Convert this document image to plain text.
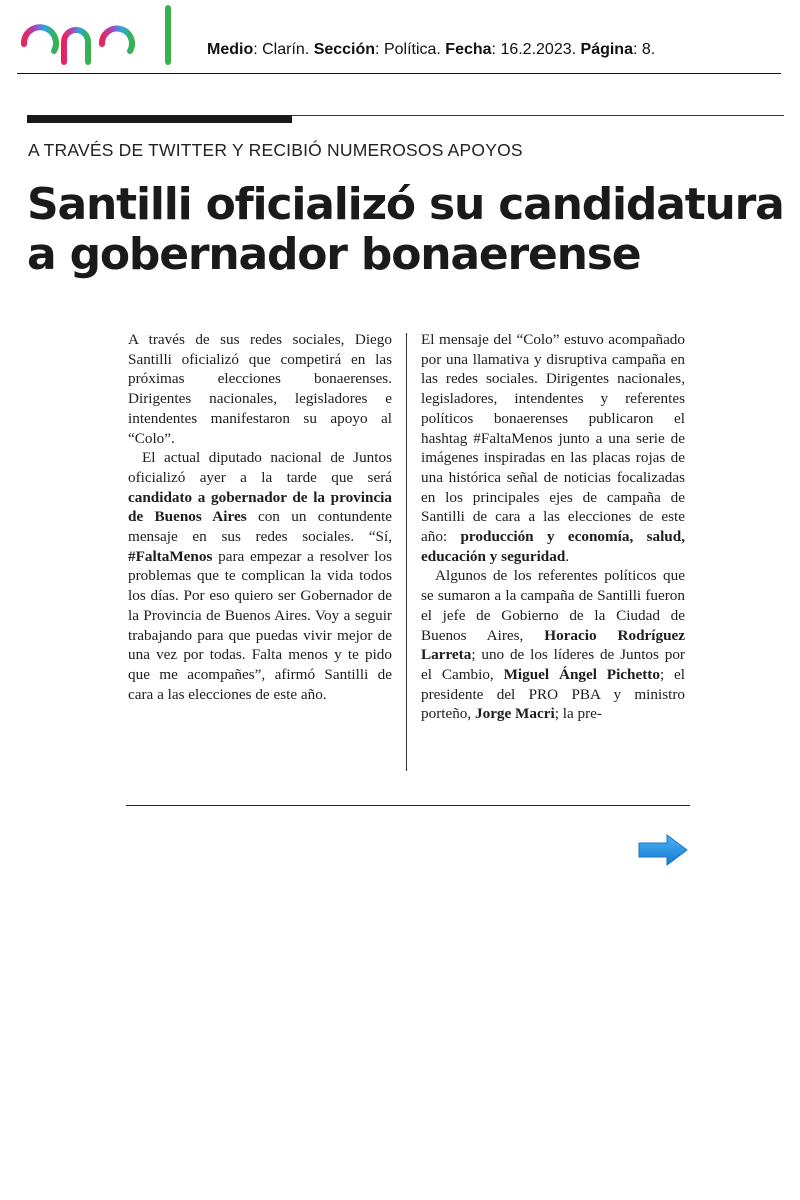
Medio: Clarín. Sección: Política. Fecha: 16.2.2023. Página: 8.
A TRAVÉS DE TWITTER Y RECIBIÓ NUMEROSOS APOYOS
Santilli oficializó su candidatura
a gobernador bonaerense

A través de sus redes sociales, Diego Santilli oficializó que competirá en las próximas elecciones bonaerenses. Dirigentes nacionales, legisladores e intendentes manifestaron su apoyo al “Colo”.

El actual diputado nacional de Juntos oficializó ayer a la tarde que será candidato a gobernador de la provincia de Buenos Aires con un contundente mensaje en sus redes sociales. “Sí, #FaltaMenos para empezar a resolver los problemas que te complican la vida todos los días. Por eso quiero ser Gobernador de la Provincia de Buenos Aires. Voy a seguir trabajando para que puedas vivir mejor de una vez por todas. Falta menos y te pido que me acompañes”, afirmó Santilli de cara a las elecciones de este año.

El mensaje del “Colo” estuvo acompañado por una llamativa y disruptiva campaña en las redes sociales. Dirigentes nacionales, legisladores, intendentes y referentes políticos bonaerenses publicaron el hashtag #FaltaMenos junto a una serie de imágenes inspiradas en las placas rojas de una histórica señal de noticias focalizadas en los principales ejes de campaña de Santilli de cara a las elecciones de este año: producción y economía, salud, educación y seguridad.

Algunos de los referentes políticos que se sumaron a la campaña de Santilli fueron el jefe de Gobierno de la Ciudad de Buenos Aires, Horacio Rodríguez Larreta; uno de los líderes de Juntos por el Cambio, Miguel Ángel Pichetto; el presidente del PRO PBA y ministro porteño, Jorge Macri; la pre-
